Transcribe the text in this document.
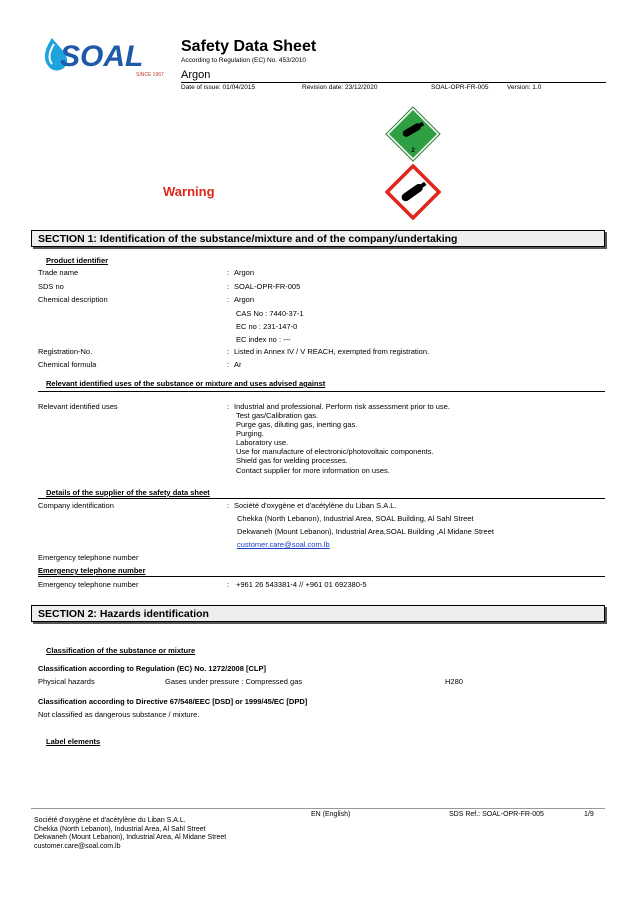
SOAL
SINCE 1967
Safety Data Sheet
According to Regulation (EC) No. 453/2010
Argon
Date of issue: 01/04/2015	Revision date: 23/12/2020	SOAL-OPR-FR-005	Version: 1.0
2
Warning
SECTION 1: Identification of the substance/mixture and of the company/undertaking
Product identifier
Trade name	: Argon
SDS no	: SOAL-OPR-FR-005
Chemical description	: Argon
CAS No : 7440-37-1
EC no : 231-147-0
EC index no : ---
Registration-No.	: Listed in Annex IV / V REACH, exempted from registration.
Chemical formula	: Ar
Relevant identified uses of the substance or mixture and uses advised against
Relevant identified uses	: Industrial and professional. Perform risk assessment prior to use.
Test gas/Calibration gas.
Purge gas, diluting gas, inerting gas.
Purging.
Laboratory use.
Use for manufacture of electronic/photovoltaic components.
Shield gas for welding processes.
Contact supplier for more information on uses.
Details of the supplier of the safety data sheet
Company identification	: Société d'oxygène et d'acétylène du Liban S.A.L.
Chekka (North Lebanon), Industrial Area, SOAL Building, Al Sahl Street
Dekwaneh (Mount Lebanon), Industrial Area,SOAL Building ,Al Midane Street
customer.care@soal.com.lb
Emergency telephone number
Emergency telephone number
Emergency telephone number	: +961 26 543381-4 // +961 01 692380-5
SECTION 2: Hazards identification
Classification of the substance or mixture
Classification according to Regulation (EC) No. 1272/2008 [CLP]
Physical hazards	Gases under pressure : Compressed gas	H280
Classification according to Directive 67/548/EEC [DSD] or 1999/45/EC [DPD]
Not classified as dangerous substance / mixture.
Label elements
Société d'oxygène et d'acétylène du Liban S.A.L.
Chekka (North Lebanon), Industrial Area, Al Sahl Street
Dekwaneh (Mount Lebanon), Industrial Area, Al Midane Street
customer.care@soal.com.lb
EN (English)	SDS Ref.: SOAL-OPR-FR-005	1/9
